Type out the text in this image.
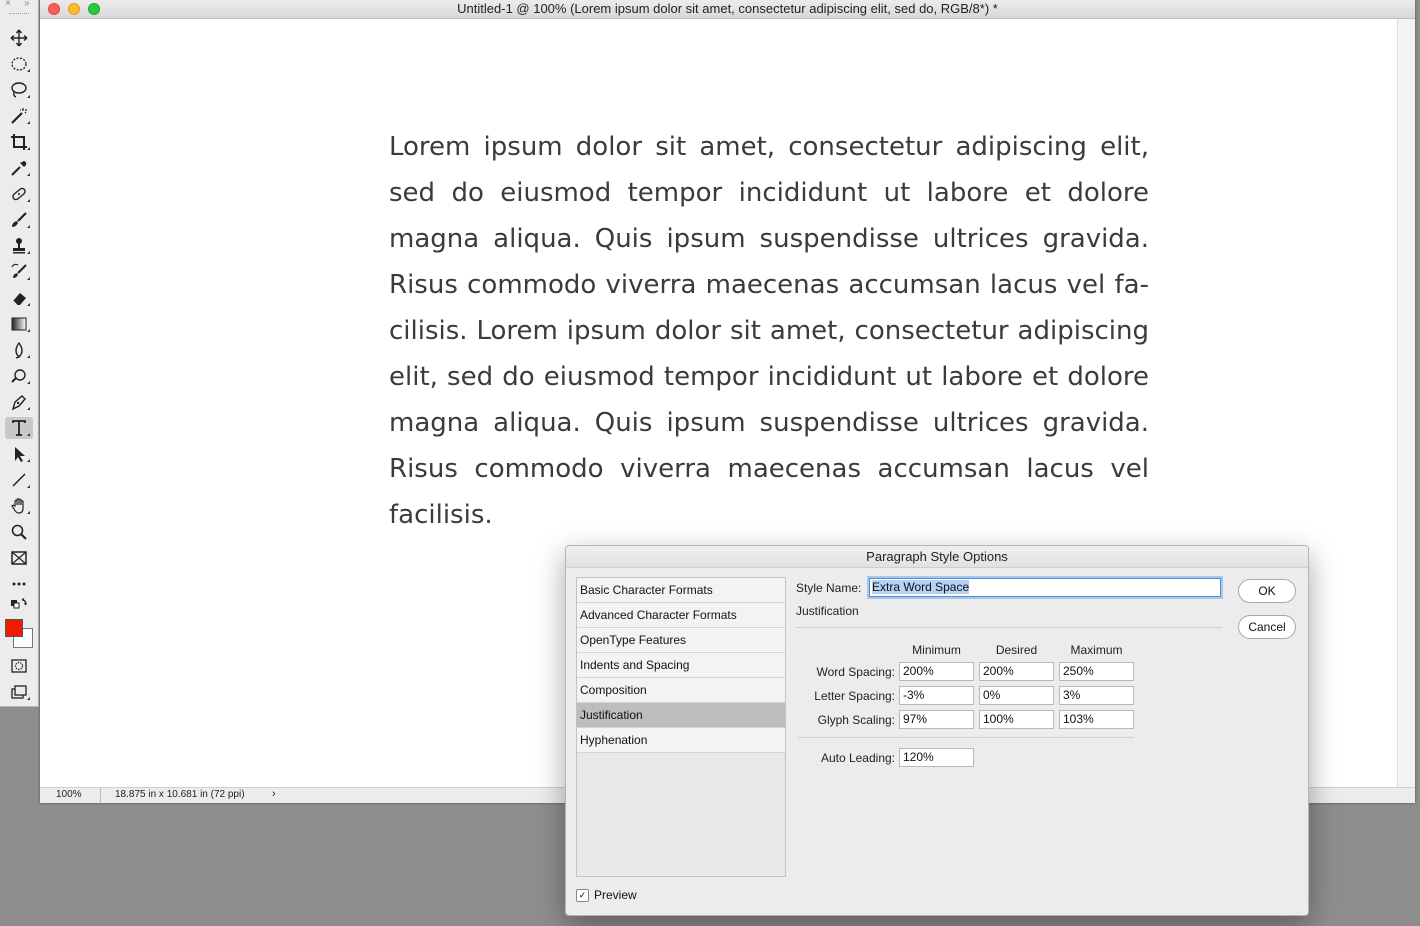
× »	Untitled-1 @ 100% (Lorem ipsum dolor sit amet, consectetur adipiscing elit, sed do, RGB/8*) *

Lorem ipsum dolor sit amet, consectetur adipiscing elit, sed do eiusmod tempor incididunt ut labore et dolore magna aliqua. Quis ipsum suspendisse ultrices gravida. Risus commodo viverra maecenas accumsan lacus vel facilisis. Lorem ipsum dolor sit amet, consectetur adipiscing elit, sed do eiusmod tempor incididunt ut labore et dolore magna aliqua. Quis ipsum suspendisse ultrices gravida. Risus commodo viverra maecenas accumsan lacus vel facilisis.

100%	18.875 in x 10.681 in (72 ppi) ›
Paragraph Style Options
Basic Character Formats
Advanced Character Formats
OpenType Features
Indents and Spacing
Composition
Justification
Hyphenation
Style Name: Extra Word Space
Justification
Minimum	Desired	Maximum
Word Spacing: 200%	200%	250%
Letter Spacing: -3%	0%	3%
Glyph Scaling: 97%	100%	103%
Auto Leading: 120%
OK
Cancel
✓ Preview
